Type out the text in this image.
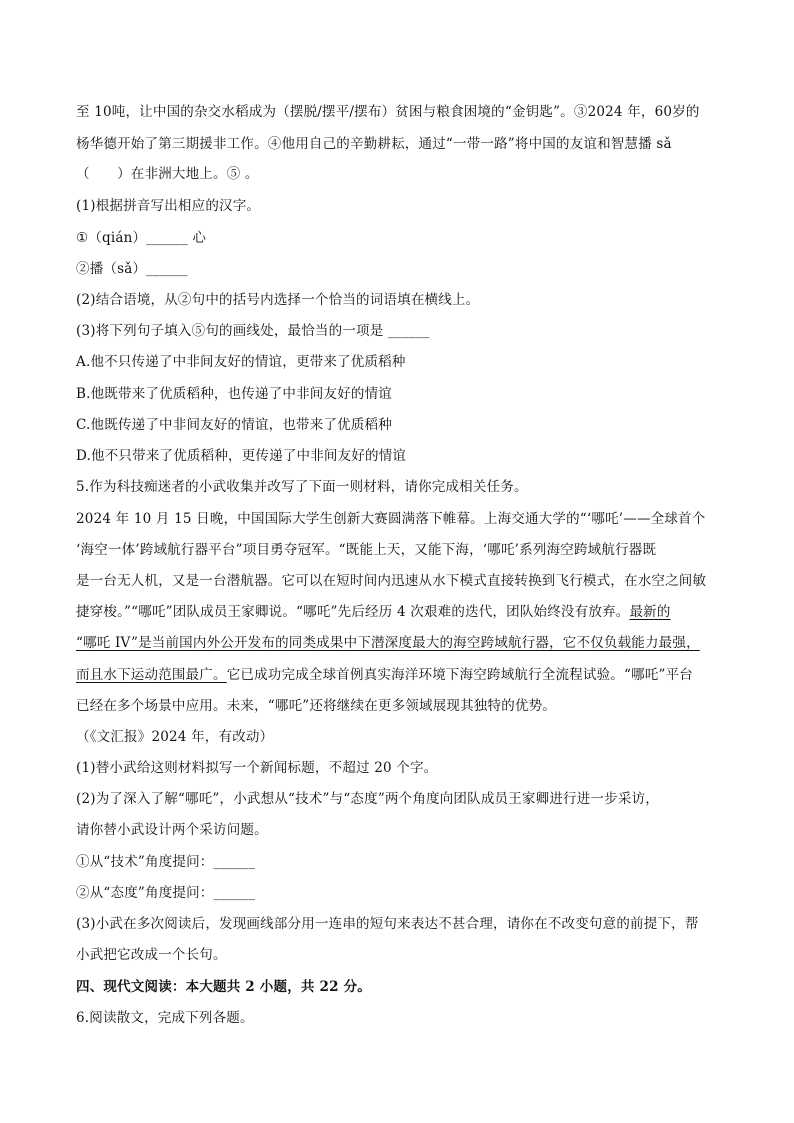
至 10吨，让中国的杂交水稻成为（摆脱/摆平/摆布）贫困与粮食困境的“金钥匙”。③2024 年，60岁的
杨华德开始了第三期援非工作。④他用自己的辛勤耕耘，通过“一带一路”将中国的友谊和智慧播 sǎ
（　　）在非洲大地上。⑤ 。
(1)根据拼音写出相应的汉字。
①（qián）______ 心
②播（sǎ）______
(2)结合语境，从②句中的括号内选择一个恰当的词语填在横线上。
(3)将下列句子填入⑤句的画线处，最恰当的一项是 ______
A.他不只传递了中非间友好的情谊，更带来了优质稻种
B.他既带来了优质稻种，也传递了中非间友好的情谊
C.他既传递了中非间友好的情谊，也带来了优质稻种
D.他不只带来了优质稻种，更传递了中非间友好的情谊
5.作为科技痴迷者的小武收集并改写了下面一则材料，请你完成相关任务。
2024 年 10 月 15 日晚，中国国际大学生创新大赛圆满落下帷幕。上海交通大学的“‘哪吒’——全球首个
‘海空一体’跨域航行器平台”项目勇夺冠军。“既能上天，又能下海，‘哪吒’系列海空跨域航行器既
是一台无人机，又是一台潜航器。它可以在短时间内迅速从水下模式直接转换到飞行模式，在水空之间敏
捷穿梭。”“哪吒”团队成员王家卿说。“哪吒”先后经历 4 次艰难的迭代，团队始终没有放弃。最新的
“哪吒 IV”是当前国内外公开发布的同类成果中下潜深度最大的海空跨域航行器，它不仅负载能力最强，
而且水下运动范围最广。它已成功完成全球首例真实海洋环境下海空跨域航行全流程试验。“哪吒”平台
已经在多个场景中应用。未来，“哪吒”还将继续在更多领域展现其独特的优势。
（《文汇报》2024 年，有改动）
(1)替小武给这则材料拟写一个新闻标题，不超过 20 个字。
(2)为了深入了解“哪吒”，小武想从“技术”与“态度”两个角度向团队成员王家卿进行进一步采访，
请你替小武设计两个采访问题。
①从“技术”角度提问：______
②从“态度”角度提问：______
(3)小武在多次阅读后，发现画线部分用一连串的短句来表达不甚合理，请你在不改变句意的前提下，帮
小武把它改成一个长句。
四、现代文阅读：本大题共 2 小题，共 22 分。
6.阅读散文，完成下列各题。
